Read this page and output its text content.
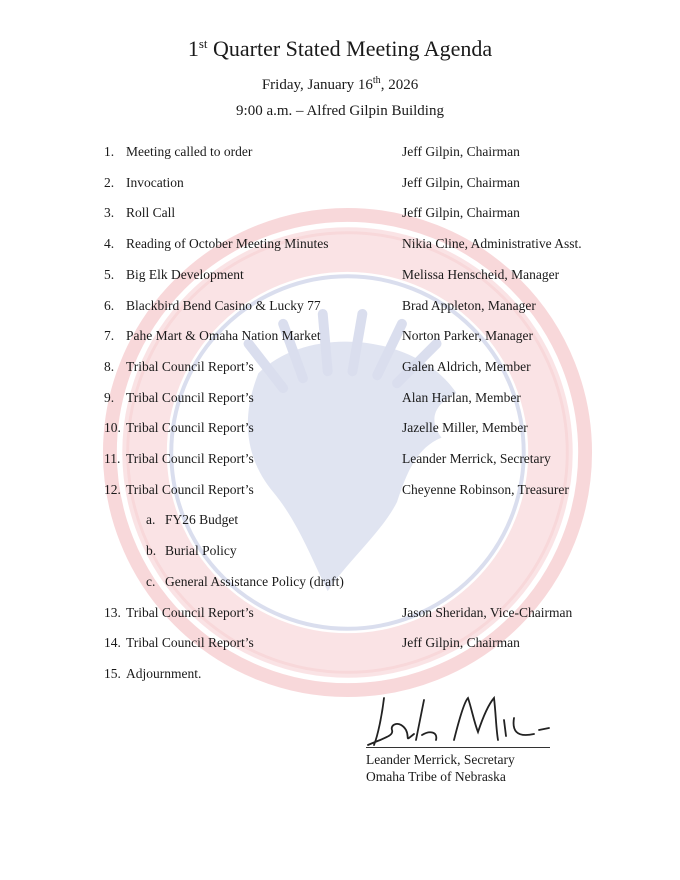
1st Quarter Stated Meeting Agenda
Friday, January 16th, 2026
9:00 a.m. – Alfred Gilpin Building
1. Meeting called to order	Jeff Gilpin, Chairman
2. Invocation	Jeff Gilpin, Chairman
3. Roll Call	Jeff Gilpin, Chairman
4. Reading of October Meeting Minutes	Nikia Cline, Administrative Asst.
5. Big Elk Development	Melissa Henscheid, Manager
6. Blackbird Bend Casino & Lucky 77	Brad Appleton, Manager
7. Pahe Mart & Omaha Nation Market	Norton Parker, Manager
8. Tribal Council Report’s	Galen Aldrich, Member
9. Tribal Council Report’s	Alan Harlan, Member
10. Tribal Council Report’s	Jazelle Miller, Member
11. Tribal Council Report’s	Leander Merrick, Secretary
12. Tribal Council Report’s	Cheyenne Robinson, Treasurer
a. FY26 Budget
b. Burial Policy
c. General Assistance Policy (draft)
13. Tribal Council Report’s	Jason Sheridan, Vice-Chairman
14. Tribal Council Report’s	Jeff Gilpin, Chairman
15. Adjournment.
Leander Merrick, Secretary
Omaha Tribe of Nebraska
